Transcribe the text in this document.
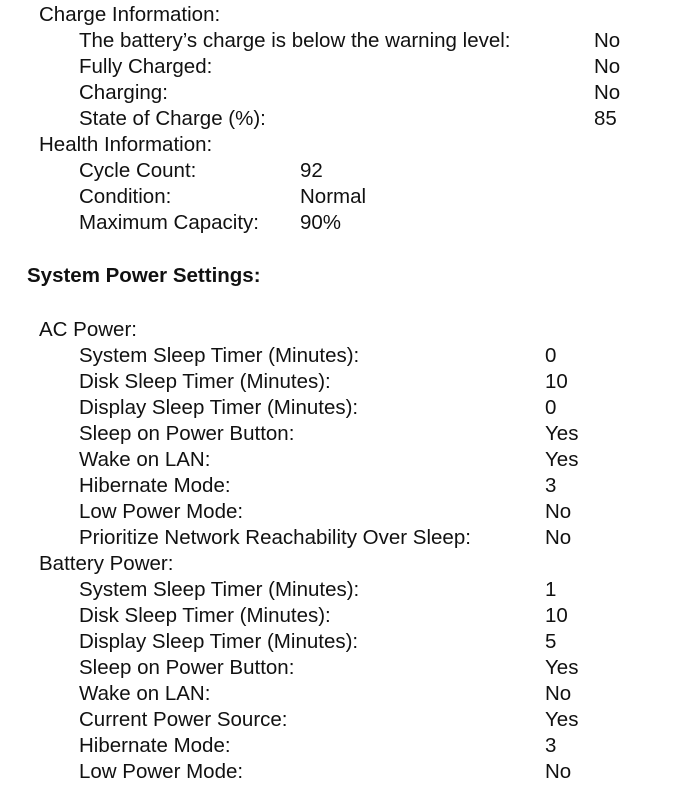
Charge Information:
The battery’s charge is below the warning level:	No
Fully Charged:	No
Charging:	No
State of Charge (%):	85
Health Information:
Cycle Count:	92
Condition:	Normal
Maximum Capacity: 90%
System Power Settings:
AC Power:
System Sleep Timer (Minutes):	0
Disk Sleep Timer (Minutes):	10
Display Sleep Timer (Minutes):	0
Sleep on Power Button:	Yes
Wake on LAN:	Yes
Hibernate Mode:	3
Low Power Mode:	No
Prioritize Network Reachability Over Sleep:	No
Battery Power:
System Sleep Timer (Minutes):	1
Disk Sleep Timer (Minutes):	10
Display Sleep Timer (Minutes):	5
Sleep on Power Button:	Yes
Wake on LAN:	No
Current Power Source:	Yes
Hibernate Mode:	3
Low Power Mode:	No
